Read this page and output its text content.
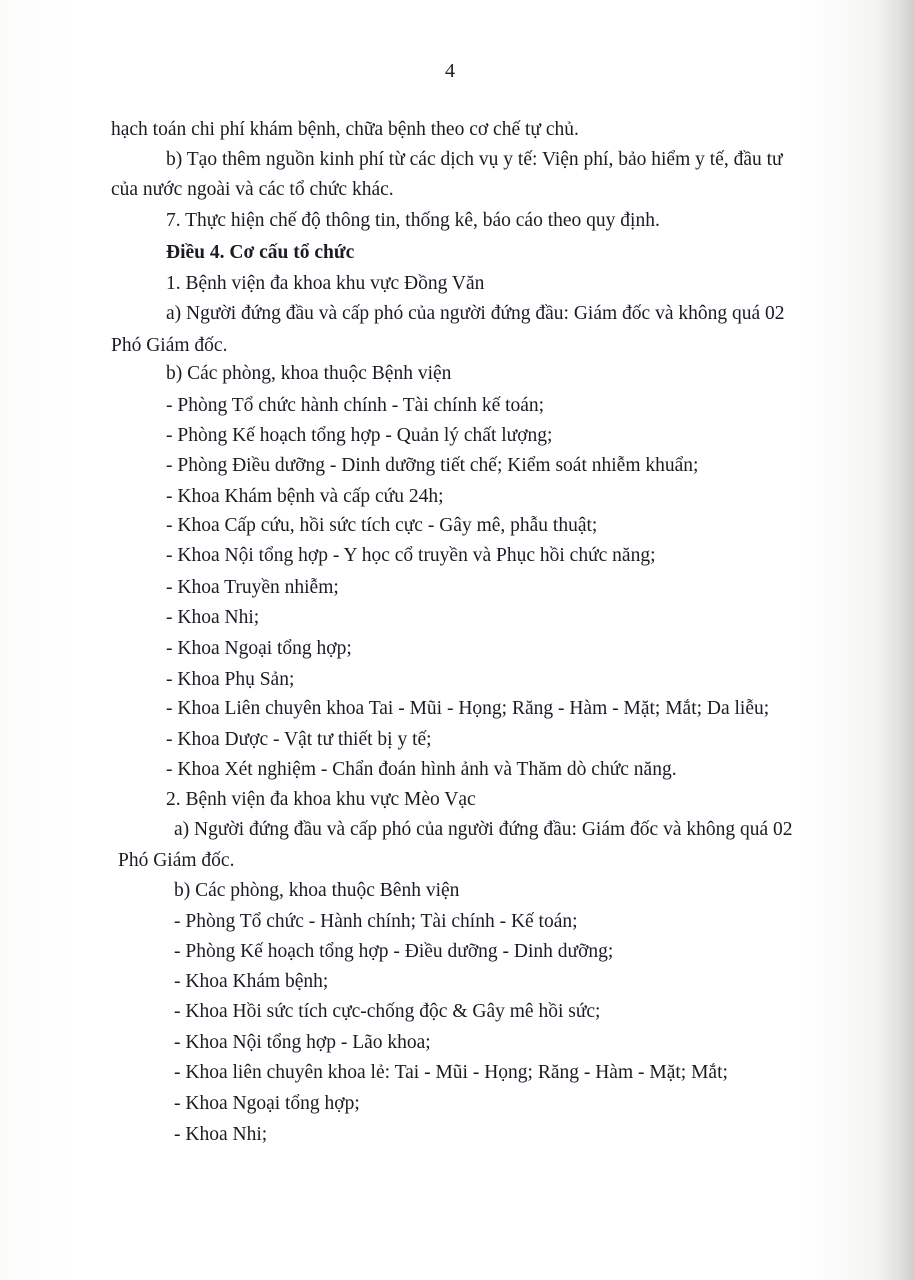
4
hạch toán chi phí khám bệnh, chữa bệnh theo cơ chế tự chủ.
b) Tạo thêm nguồn kinh phí từ các dịch vụ y tế: Viện phí, bảo hiểm y tế, đầu tư
của nước ngoài và các tổ chức khác.
7. Thực hiện chế độ thông tin, thống kê, báo cáo theo quy định.
Điều 4. Cơ cấu tổ chức
1. Bệnh viện đa khoa khu vực Đồng Văn
a) Người đứng đầu và cấp phó của người đứng đầu: Giám đốc và không quá 02
Phó Giám đốc.
b) Các phòng, khoa thuộc Bệnh viện
- Phòng Tổ chức hành chính - Tài chính kế toán;
- Phòng Kế hoạch tổng hợp - Quản lý chất lượng;
- Phòng Điều dưỡng - Dinh dưỡng tiết chế; Kiểm soát nhiễm khuẩn;
- Khoa Khám bệnh và cấp cứu 24h;
- Khoa Cấp cứu, hồi sức tích cực - Gây mê, phẫu thuật;
- Khoa Nội tổng hợp - Y học cổ truyền và Phục hồi chức năng;
- Khoa Truyền nhiễm;
- Khoa Nhi;
- Khoa Ngoại tổng hợp;
- Khoa Phụ Sản;
- Khoa Liên chuyên khoa Tai - Mũi - Họng; Răng - Hàm - Mặt; Mắt; Da liễu;
- Khoa Dược - Vật tư thiết bị y tế;
- Khoa Xét nghiệm - Chẩn đoán hình ảnh và Thăm dò chức năng.
2. Bệnh viện đa khoa khu vực Mèo Vạc
a) Người đứng đầu và cấp phó của người đứng đầu: Giám đốc và không quá 02
Phó Giám đốc.
b) Các phòng, khoa thuộc Bênh viện
- Phòng Tổ chức - Hành chính; Tài chính - Kế toán;
- Phòng Kế hoạch tổng hợp - Điều dưỡng - Dinh dưỡng;
- Khoa Khám bệnh;
- Khoa Hồi sức tích cực-chống độc & Gây mê hồi sức;
- Khoa Nội tổng hợp - Lão khoa;
- Khoa liên chuyên khoa lẻ: Tai - Mũi - Họng; Răng - Hàm - Mặt; Mắt;
- Khoa Ngoại tổng hợp;
- Khoa Nhi;
